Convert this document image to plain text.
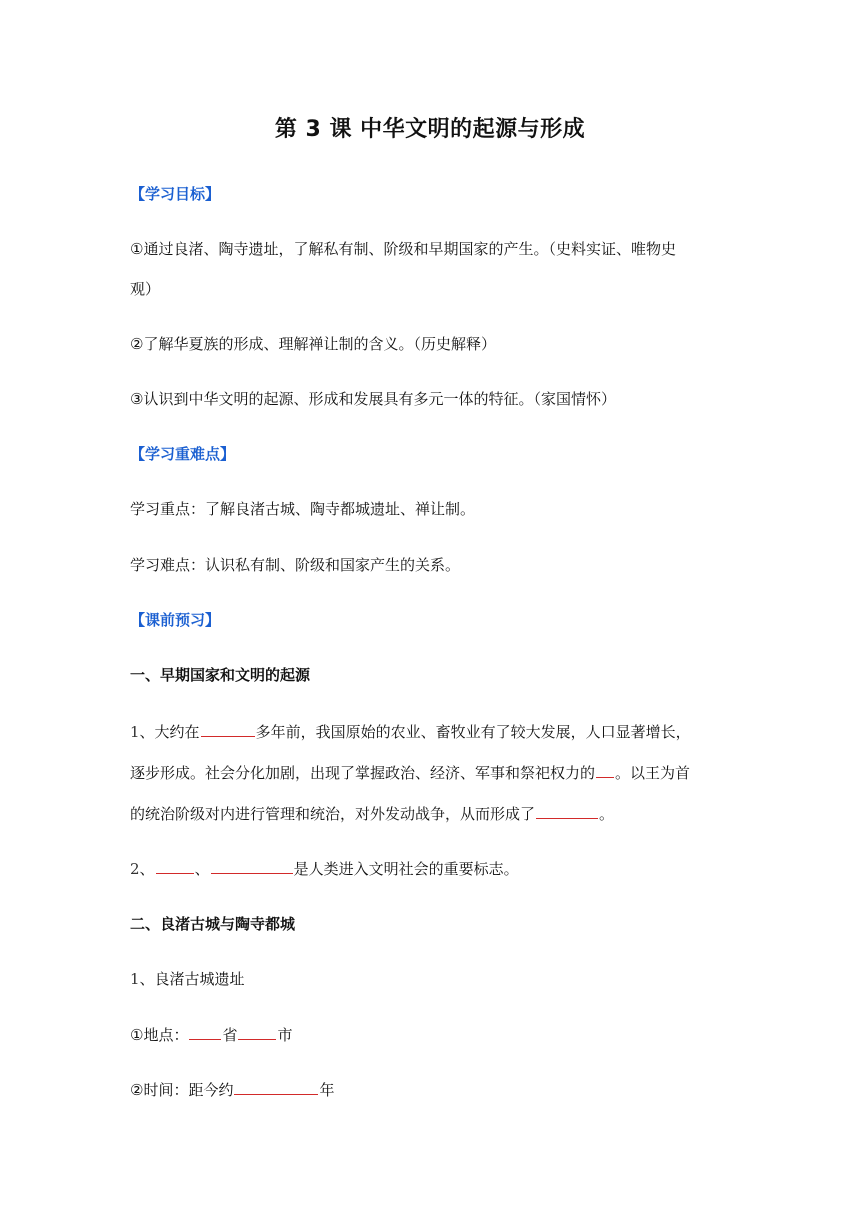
第 3 课 中华文明的起源与形成
【学习目标】
①通过良渚、陶寺遗址，了解私有制、阶级和早期国家的产生。（史料实证、唯物史
观）
②了解华夏族的形成、理解禅让制的含义。（历史解释）
③认识到中华文明的起源、形成和发展具有多元一体的特征。（家国情怀）
【学习重难点】
学习重点：了解良渚古城、陶寺都城遗址、禅让制。
学习难点：认识私有制、阶级和国家产生的关系。
【课前预习】
一、早期国家和文明的起源
1、大约在	多年前，我国原始的农业、畜牧业有了较大发展，人口显著增长，
逐步形成。社会分化加剧，出现了掌握政治、经济、军事和祭祀权力的 。以王为首
的统治阶级对内进行管理和统治，对外发动战争，从而形成了	。
2、	、	是人类进入文明社会的重要标志。
二、良渚古城与陶寺都城
1、良渚古城遗址
①地点： 省	市
②时间：距今约	年
